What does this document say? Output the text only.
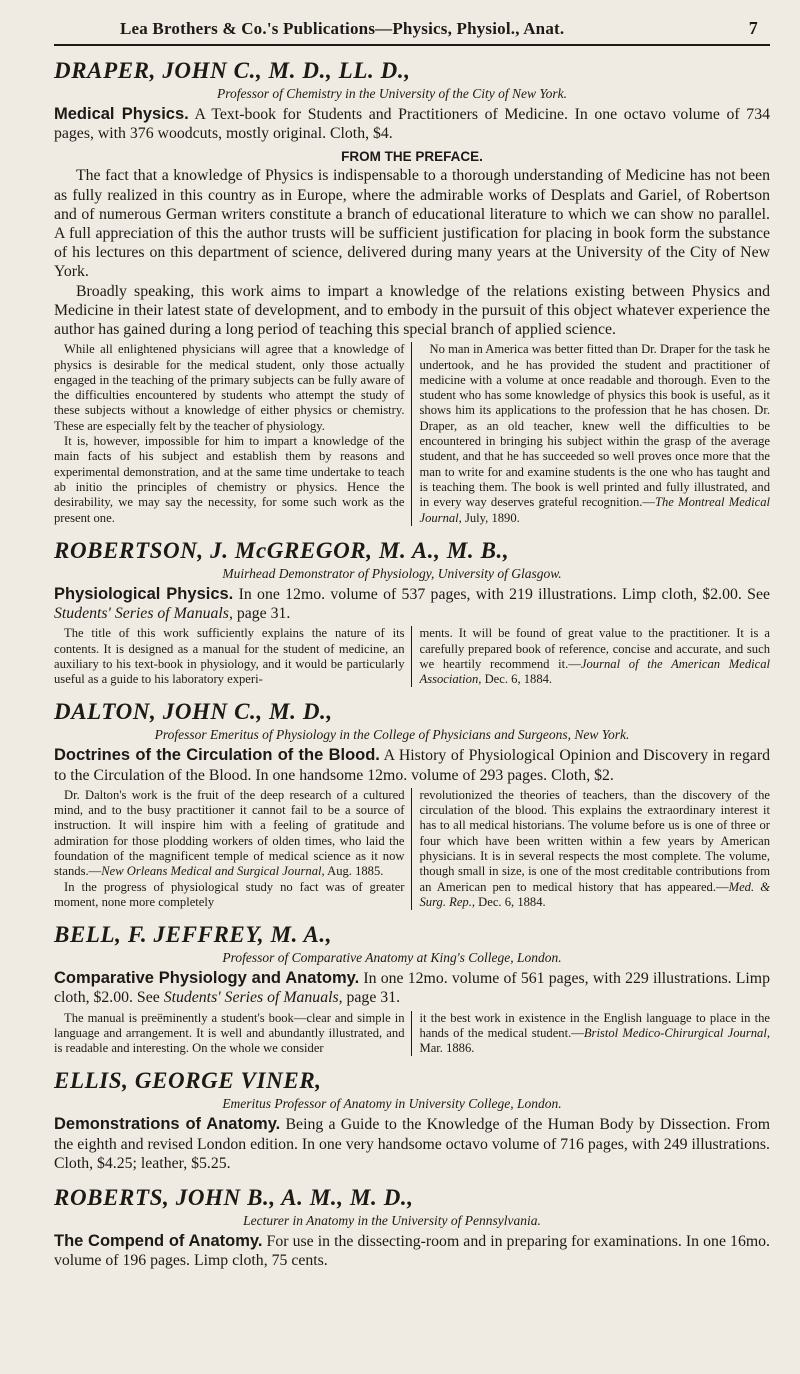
Lea Brothers & Co.'s Publications—Physics, Physiol., Anat.	7
DRAPER, JOHN C., M. D., LL. D.,

Professor of Chemistry in the University of the City of New York.

Medical Physics. A Text-book for Students and Practitioners of Medicine. In one octavo volume of 734 pages, with 376 woodcuts, mostly original. Cloth, $4.

FROM THE PREFACE.

The fact that a knowledge of Physics is indispensable to a thorough understanding of Medicine has not been as fully realized in this country as in Europe, where the admirable works of Desplats and Gariel, of Robertson and of numerous German writers constitute a branch of educational literature to which we can show no parallel. A full appreciation of this the author trusts will be sufficient justification for placing in book form the substance of his lectures on this department of science, delivered during many years at the University of the City of New York.

Broadly speaking, this work aims to impart a knowledge of the relations existing between Physics and Medicine in their latest state of development, and to embody in the pursuit of this object whatever experience the author has gained during a long period of teaching this special branch of applied science.

While all enlightened physicians will agree that a knowledge of physics is desirable for the medical student, only those actually engaged in the teaching of the primary subjects can be fully aware of the difficulties encountered by students who attempt the study of these subjects without a knowledge of either physics or chemistry. These are especially felt by the teacher of physiology.

It is, however, impossible for him to impart a knowledge of the main facts of his subject and establish them by reasons and experimental demonstration, and at the same time undertake to teach ab initio the principles of chemistry or physics. Hence the desirability, we may say the necessity, for some such work as the present one.

No man in America was better fitted than Dr. Draper for the task he undertook, and he has provided the student and practitioner of medicine with a volume at once readable and thorough. Even to the student who has some knowledge of physics this book is useful, as it shows him its applications to the profession that he has chosen. Dr. Draper, as an old teacher, knew well the difficulties to be encountered in bringing his subject within the grasp of the average student, and that he has succeeded so well proves once more that the man to write for and examine students is the one who has taught and is teaching them. The book is well printed and fully illustrated, and in every way deserves grateful recognition.—The Montreal Medical Journal, July, 1890.

ROBERTSON, J. McGREGOR, M. A., M. B.,

Muirhead Demonstrator of Physiology, University of Glasgow.

Physiological Physics. In one 12mo. volume of 537 pages, with 219 illustrations. Limp cloth, $2.00. See Students' Series of Manuals, page 31.

The title of this work sufficiently explains the nature of its contents. It is designed as a manual for the student of medicine, an auxiliary to his text-book in physiology, and it would be particularly useful as a guide to his laboratory experi-

ments. It will be found of great value to the practitioner. It is a carefully prepared book of reference, concise and accurate, and such we heartily recommend it.—Journal of the American Medical Association, Dec. 6, 1884.

DALTON, JOHN C., M. D.,

Professor Emeritus of Physiology in the College of Physicians and Surgeons, New York.

Doctrines of the Circulation of the Blood. A History of Physiological Opinion and Discovery in regard to the Circulation of the Blood. In one handsome 12mo. volume of 293 pages. Cloth, $2.

Dr. Dalton's work is the fruit of the deep research of a cultured mind, and to the busy practitioner it cannot fail to be a source of instruction. It will inspire him with a feeling of gratitude and admiration for those plodding workers of olden times, who laid the foundation of the magnificent temple of medical science as it now stands.—New Orleans Medical and Surgical Journal, Aug. 1885.

In the progress of physiological study no fact was of greater moment, none more completely

revolutionized the theories of teachers, than the discovery of the circulation of the blood. This explains the extraordinary interest it has to all medical historians. The volume before us is one of three or four which have been written within a few years by American physicians. It is in several respects the most complete. The volume, though small in size, is one of the most creditable contributions from an American pen to medical history that has appeared.—Med. & Surg. Rep., Dec. 6, 1884.

BELL, F. JEFFREY, M. A.,

Professor of Comparative Anatomy at King's College, London.

Comparative Physiology and Anatomy. In one 12mo. volume of 561 pages, with 229 illustrations. Limp cloth, $2.00. See Students' Series of Manuals, page 31.

The manual is preëminently a student's book—clear and simple in language and arrangement. It is well and abundantly illustrated, and is readable and interesting. On the whole we consider

it the best work in existence in the English language to place in the hands of the medical student.—Bristol Medico-Chirurgical Journal, Mar. 1886.

ELLIS, GEORGE VINER,

Emeritus Professor of Anatomy in University College, London.

Demonstrations of Anatomy. Being a Guide to the Knowledge of the Human Body by Dissection. From the eighth and revised London edition. In one very handsome octavo volume of 716 pages, with 249 illustrations. Cloth, $4.25; leather, $5.25.

ROBERTS, JOHN B., A. M., M. D.,

Lecturer in Anatomy in the University of Pennsylvania.

The Compend of Anatomy. For use in the dissecting-room and in preparing for examinations. In one 16mo. volume of 196 pages. Limp cloth, 75 cents.
